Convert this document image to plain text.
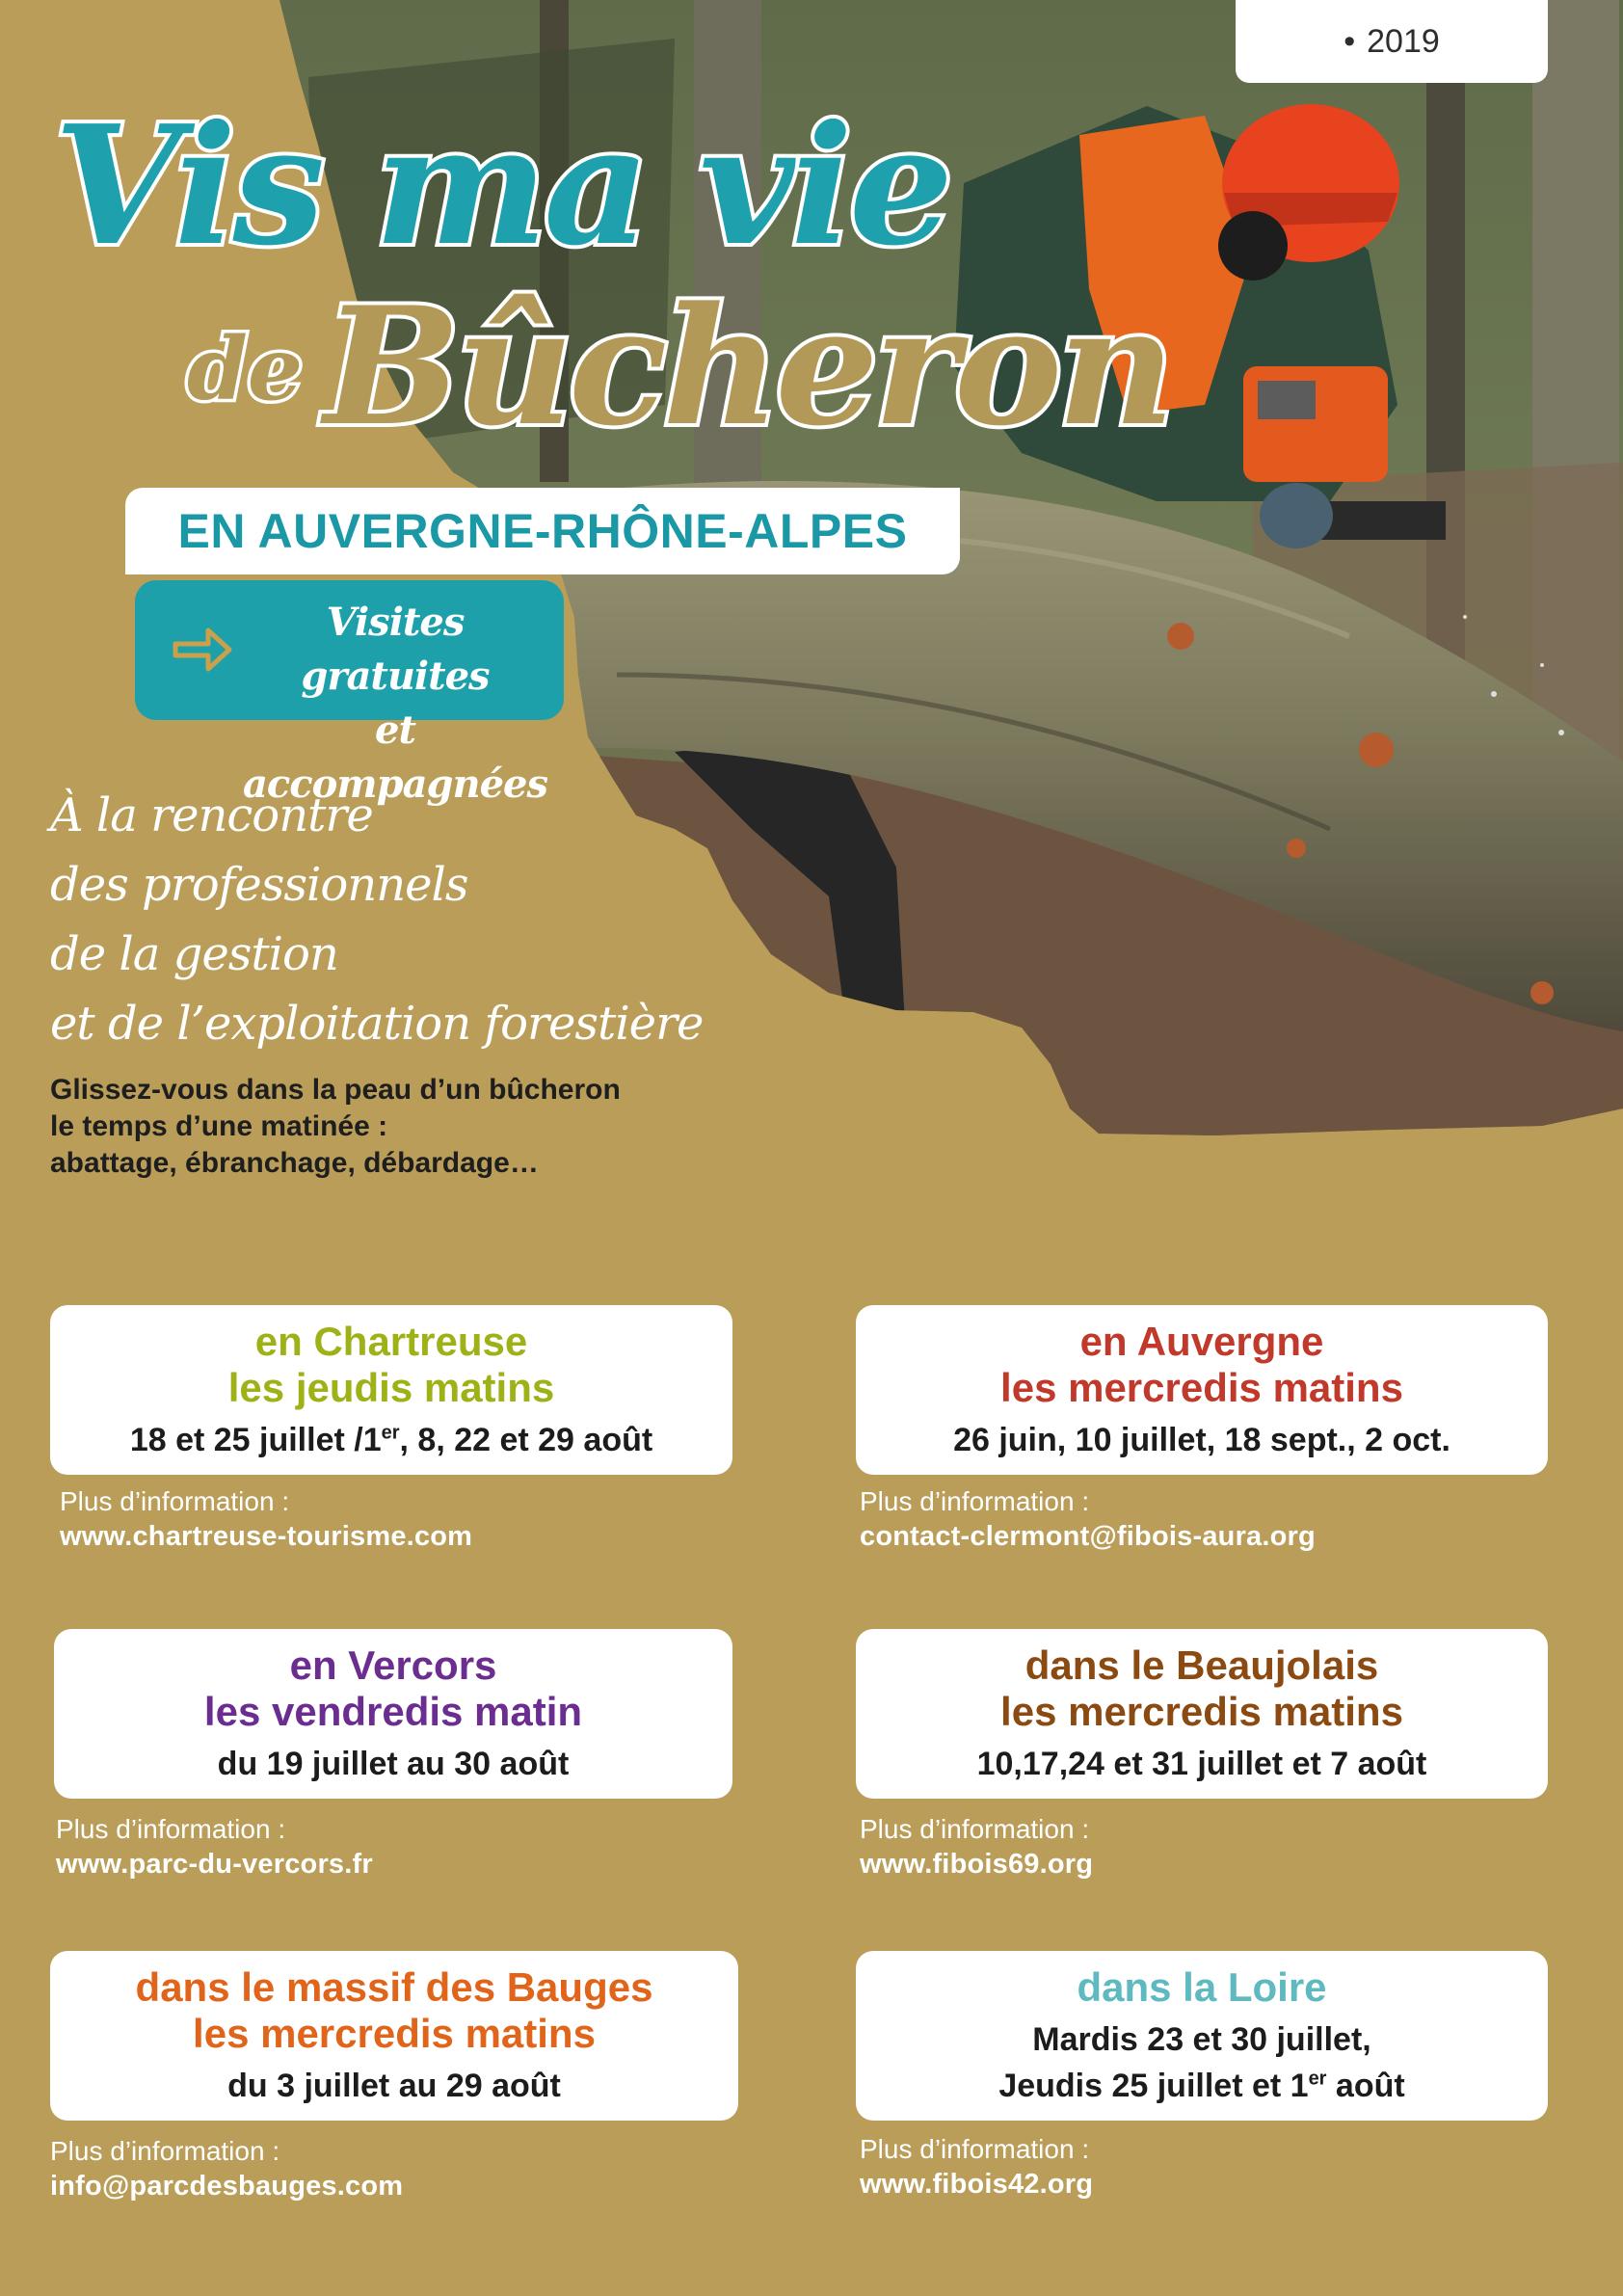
• 2019
Vis ma vie
de Bûcheron
EN AUVERGNE-RHÔNE-ALPES
Visites gratuites
et accompagnées
À la rencontre
des professionnels
de la gestion
et de l’exploitation forestière
Glissez-vous dans la peau d’un bûcheron
le temps d’une matinée :
abattage, ébranchage, débardage…
en Chartreuse
les jeudis matins
18 et 25 juillet /1er, 8, 22 et 29 août
Plus d’information :
www.chartreuse-tourisme.com
en Auvergne
les mercredis matins
26 juin, 10 juillet, 18 sept., 2 oct.
Plus d’information :
contact-clermont@fibois-aura.org
en Vercors
les vendredis matin
du 19 juillet au 30 août
Plus d’information :
www.parc-du-vercors.fr
dans le Beaujolais
les mercredis matins
10,17,24 et 31 juillet et 7 août
Plus d’information :
www.fibois69.org
dans le massif des Bauges
les mercredis matins
du 3 juillet au 29 août
Plus d’information :
info@parcdesbauges.com
dans la Loire
Mardis 23 et 30 juillet,
Jeudis 25 juillet et 1er août
Plus d’information :
www.fibois42.org
